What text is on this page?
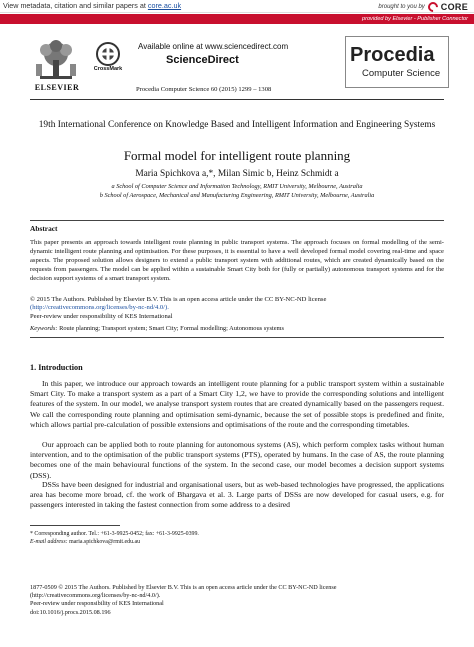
View metadata, citation and similar papers at core.ac.uk	brought to you by CORE
provided by Elsevier - Publisher Connector
ELSEVIER
CrossMark
Available online at www.sciencedirect.com
ScienceDirect
Procedia Computer Science 60 (2015) 1299 – 1308
Procedia
Computer Science
19th International Conference on Knowledge Based and Intelligent Information and Engineering Systems
Formal model for intelligent route planning
Maria Spichkova a,*, Milan Simic b, Heinz Schmidt a
a School of Computer Science and Information Technology, RMIT University, Melbourne, Australia
b School of Aerospace, Mechanical and Manufacturing Engineering, RMIT University, Melbourne, Australia
Abstract
This paper presents an approach towards intelligent route planning in public transport systems. The approach focuses on formal modelling of the semi-dynamic intelligent route planning and optimisation. For these purposes, it is essential to have a well developed formal model covering real-time and space aspects. The proposed solution allows designers to extend a public transport system with additional routes, which are created dynamically based on the requests from passengers. The model can be applied within a sustainable Smart City both for (fully or partially) autonomous transport systems and for the decision support systems of a smart transport system.
© 2015 The Authors. Published by Elsevier B.V. This is an open access article under the CC BY-NC-ND license
(http://creativecommons.org/licenses/by-nc-nd/4.0/).
Peer-review under responsibility of KES International
Keywords: Route planning; Transport system; Smart City; Formal modelling; Autonomous systems
1. Introduction
In this paper, we introduce our approach towards an intelligent route planning for a public transport system within a sustainable Smart City. To make a transport system as a part of a Smart City 1,2, we have to provide the corresponding solutions and intelligent features of the system. In our model, we analyse transport system routes that are created dynamically based on the passengers request. We call the corresponding route planning and optimisation semi-dynamic, because the set of possible stops is predefined and finite, which allows partial pre-calculation of possible extensions and optimisations of the route and the corresponding timetables.
Our approach can be applied both to route planning for autonomous systems (AS), which perform complex tasks without human intervention, and to the optimisation of the public transport systems (PTS), operated by humans. In the case of AS, the route planning becomes one of the main behavioural functions of the system. In the second case, our model becomes a decision support systems (DSS).
DSSs have been designed for industrial and organisational users, but as web-based technologies have progressed, the applications area has become more broad, cf. the work of Bhargava et al. 3. Large parts of DSSs are now developed for casual users, e.g. for passengers interested in taking the fastest connection from some address to a desired
* Corresponding author. Tel.: +61-3-9925-0452; fax: +61-3-9925-0399.
E-mail address: maria.spichkova@rmit.edu.au
1877-0509 © 2015 The Authors. Published by Elsevier B.V. This is an open access article under the CC BY-NC-ND license
(http://creativecommons.org/licenses/by-nc-nd/4.0/).
Peer-review under responsibility of KES International
doi:10.1016/j.procs.2015.08.196
